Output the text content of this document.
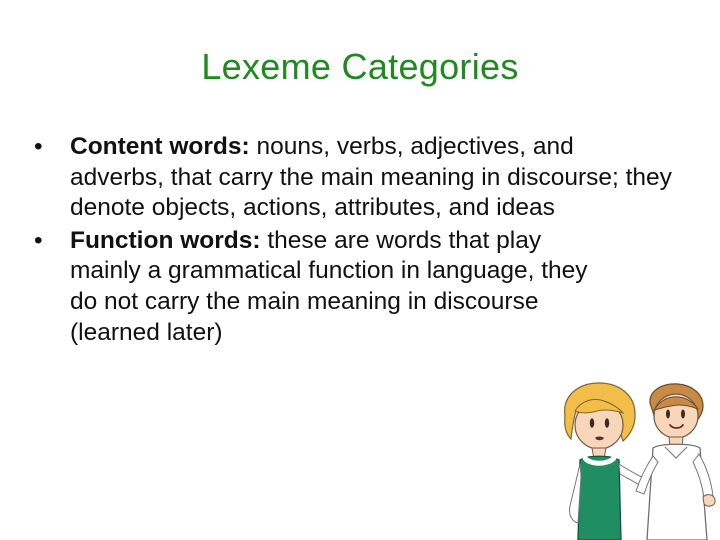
Lexeme Categories
• Content words: nouns, verbs, adjectives, and adverbs, that carry the main meaning in discourse; they denote objects, actions, attributes, and ideas
• Function words: these are words that play mainly a grammatical function in language, they do not carry the main meaning in discourse (learned later)
